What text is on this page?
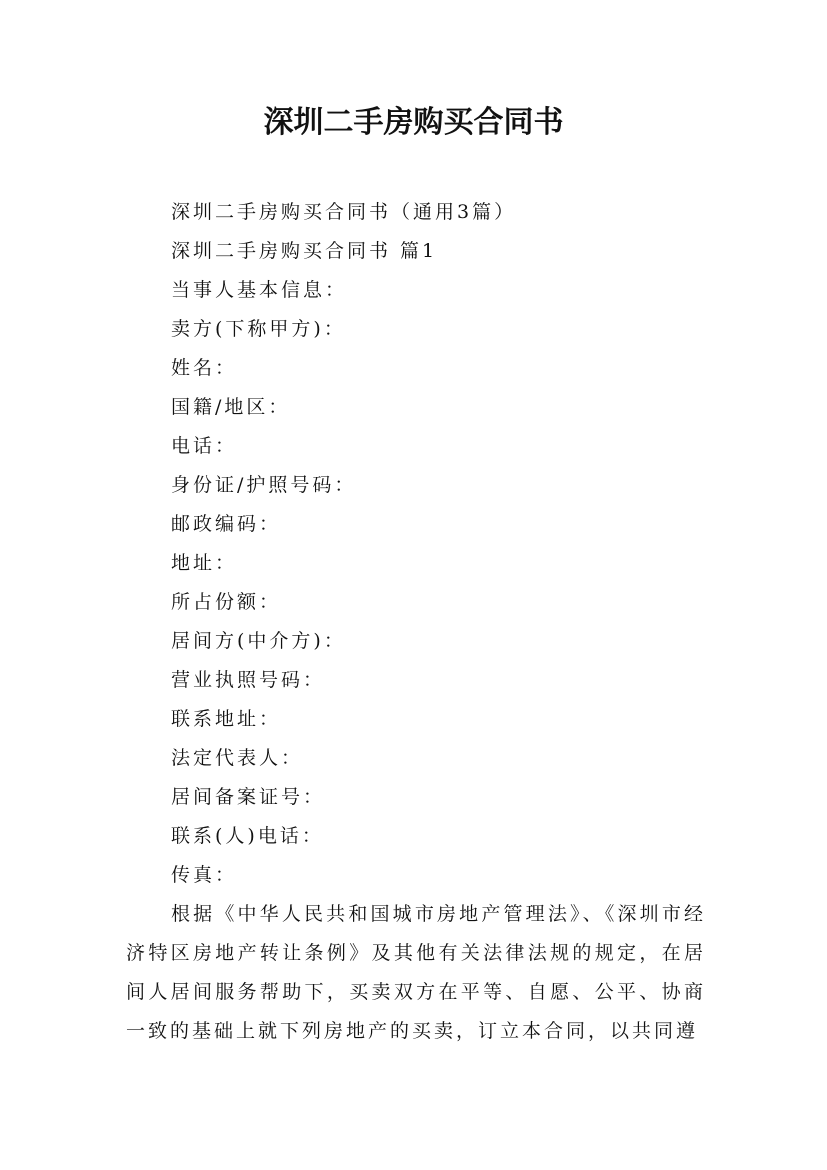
深圳二手房购买合同书

深圳二手房购买合同书（通用3篇）

深圳二手房购买合同书 篇1

当事人基本信息：

卖方(下称甲方)：

姓名：

国籍/地区：

电话：

身份证/护照号码：

邮政编码：

地址：

所占份额：

居间方(中介方)：

营业执照号码：

联系地址：

法定代表人：

居间备案证号：

联系(人)电话：

传真：

根据《中华人民共和国城市房地产管理法》、《深圳市经济特区房地产转让条例》及其他有关法律法规的规定，在居间人居间服务帮助下，买卖双方在平等、自愿、公平、协商一致的基础上就下列房地产的买卖，订立本合同，以共同遵
